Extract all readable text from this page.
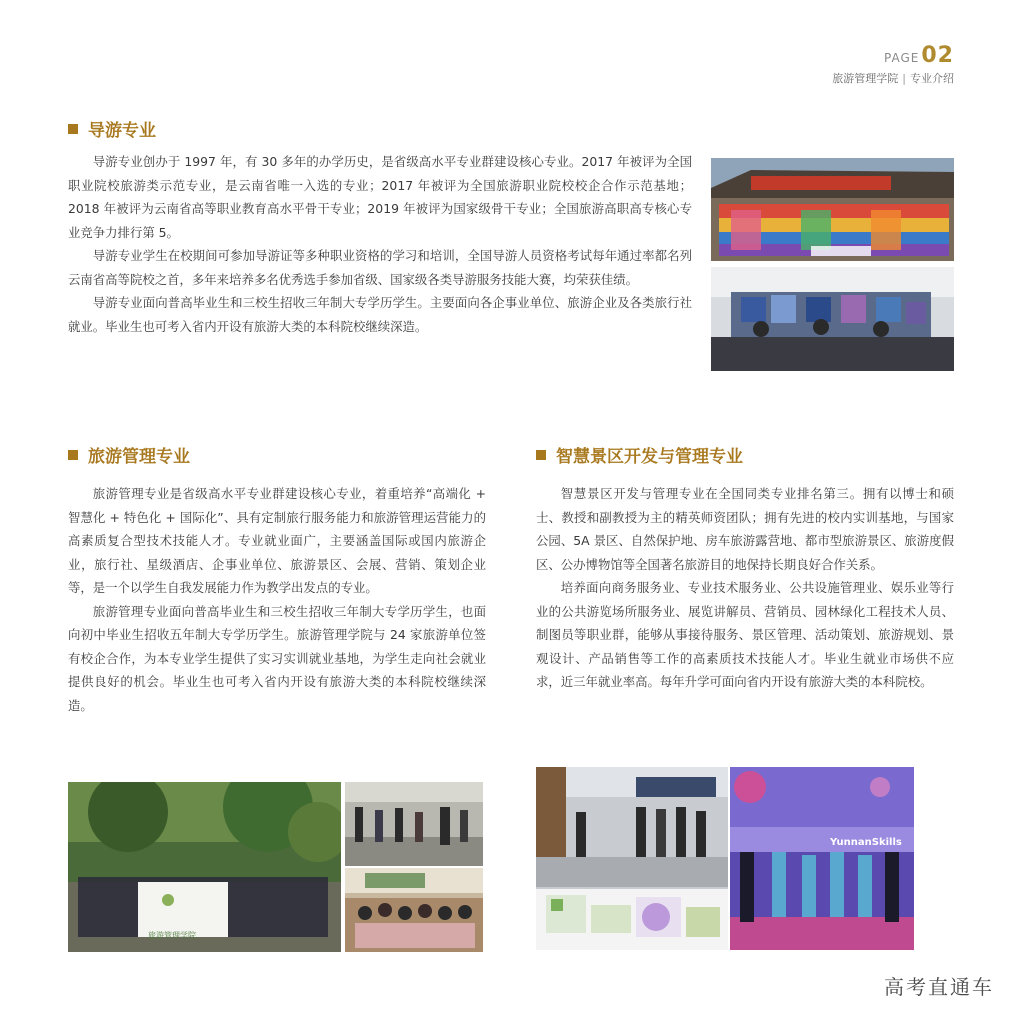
PAGE02
旅游管理学院 | 专业介绍
导游专业

导游专业创办于 1997 年，有 30 多年的办学历史，是省级高水平专业群建设核心专业。2017 年被评为全国职业院校旅游类示范专业，是云南省唯一入选的专业；2017 年被评为全国旅游职业院校校企合作示范基地；2018 年被评为云南省高等职业教育高水平骨干专业；2019 年被评为国家级骨干专业；全国旅游高职高专核心专业竞争力排行第 5。

导游专业学生在校期间可参加导游证等多种职业资格的学习和培训，全国导游人员资格考试每年通过率都名列云南省高等院校之首，多年来培养多名优秀选手参加省级、国家级各类导游服务技能大赛，均荣获佳绩。

导游专业面向普高毕业生和三校生招收三年制大专学历学生。主要面向各企事业单位、旅游企业及各类旅行社就业。毕业生也可考入省内开设有旅游大类的本科院校继续深造。

旅游管理专业

旅游管理专业是省级高水平专业群建设核心专业，着重培养“高端化 + 智慧化 + 特色化 + 国际化”、具有定制旅行服务能力和旅游管理运营能力的高素质复合型技术技能人才。专业就业面广，主要涵盖国际或国内旅游企业，旅行社、星级酒店、企事业单位、旅游景区、会展、营销、策划企业等，是一个以学生自我发展能力作为教学出发点的专业。

旅游管理专业面向普高毕业生和三校生招收三年制大专学历学生，也面向初中毕业生招收五年制大专学历学生。旅游管理学院与 24 家旅游单位签有校企合作，为本专业学生提供了实习实训就业基地，为学生走向社会就业提供良好的机会。毕业生也可考入省内开设有旅游大类的本科院校继续深造。

旅游管理学院
智慧景区开发与管理专业

智慧景区开发与管理专业在全国同类专业排名第三。拥有以博士和硕士、教授和副教授为主的精英师资团队；拥有先进的校内实训基地，与国家公园、5A 景区、自然保护地、房车旅游露营地、都市型旅游景区、旅游度假区、公办博物馆等全国著名旅游目的地保持长期良好合作关系。

培养面向商务服务业、专业技术服务业、公共设施管理业、娱乐业等行业的公共游览场所服务业、展览讲解员、营销员、园林绿化工程技术人员、制图员等职业群，能够从事接待服务、景区管理、活动策划、旅游规划、景观设计、产品销售等工作的高素质技术技能人才。毕业生就业市场供不应求，近三年就业率高。每年升学可面向省内开设有旅游大类的本科院校。

YunnanSkills
高考直通车
